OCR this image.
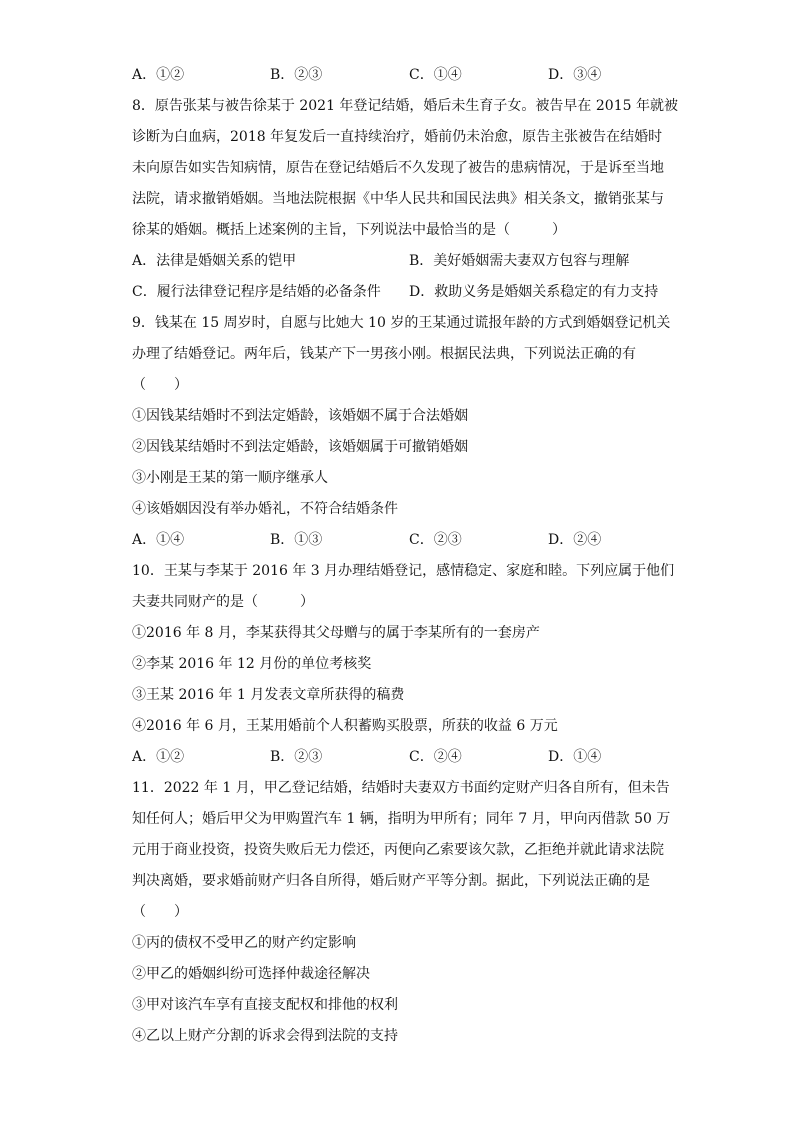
A．①②	B．②③	C．①④	D．③④
8．原告张某与被告徐某于 2021 年登记结婚，婚后未生育子女。被告早在 2015 年就被
诊断为白血病，2018 年复发后一直持续治疗，婚前仍未治愈，原告主张被告在结婚时
未向原告如实告知病情，原告在登记结婚后不久发现了被告的患病情况，于是诉至当地
法院，请求撤销婚姻。当地法院根据《中华人民共和国民法典》相关条文，撤销张某与
徐某的婚姻。概括上述案例的主旨，下列说法中最恰当的是（　　　）
A．法律是婚姻关系的铠甲	B．美好婚姻需夫妻双方包容与理解
C．履行法律登记程序是结婚的必备条件 D．救助义务是婚姻关系稳定的有力支持
9．钱某在 15 周岁时，自愿与比她大 10 岁的王某通过谎报年龄的方式到婚姻登记机关
办理了结婚登记。两年后，钱某产下一男孩小刚。根据民法典，下列说法正确的有
（　　）
①因钱某结婚时不到法定婚龄，该婚姻不属于合法婚姻
②因钱某结婚时不到法定婚龄，该婚姻属于可撤销婚姻
③小刚是王某的第一顺序继承人
④该婚姻因没有举办婚礼，不符合结婚条件
A．①④	B．①③	C．②③	D．②④
10．王某与李某于 2016 年 3 月办理结婚登记，感情稳定、家庭和睦。下列应属于他们
夫妻共同财产的是（　　　）
①2016 年 8 月，李某获得其父母赠与的属于李某所有的一套房产
②李某 2016 年 12 月份的单位考核奖
③王某 2016 年 1 月发表文章所获得的稿费
④2016 年 6 月，王某用婚前个人积蓄购买股票，所获的收益 6 万元
A．①②	B．②③	C．②④	D．①④
11．2022 年 1 月，甲乙登记结婚，结婚时夫妻双方书面约定财产归各自所有，但未告
知任何人；婚后甲父为甲购置汽车 1 辆，指明为甲所有；同年 7 月，甲向丙借款 50 万
元用于商业投资，投资失败后无力偿还，丙便向乙索要该欠款，乙拒绝并就此请求法院
判决离婚，要求婚前财产归各自所得，婚后财产平等分割。据此，下列说法正确的是
（　　）
①丙的债权不受甲乙的财产约定影响
②甲乙的婚姻纠纷可选择仲裁途径解决
③甲对该汽车享有直接支配权和排他的权利
④乙以上财产分割的诉求会得到法院的支持
